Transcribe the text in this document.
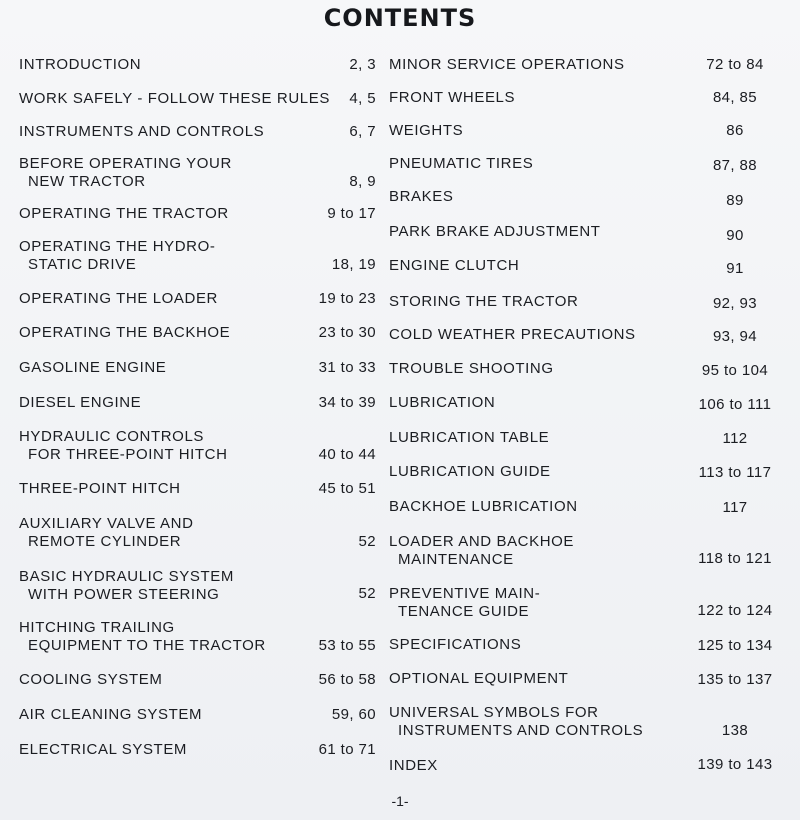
CONTENTS
INTRODUCTION	2, 3
WORK SAFELY - FOLLOW THESE RULES	4, 5
INSTRUMENTS AND CONTROLS	6, 7
BEFORE OPERATING YOUR
NEW TRACTOR	8, 9
OPERATING THE TRACTOR	9 to 17
OPERATING THE HYDRO-
STATIC DRIVE	18, 19
OPERATING THE LOADER	19 to 23
OPERATING THE BACKHOE	23 to 30
GASOLINE ENGINE	31 to 33
DIESEL ENGINE	34 to 39
HYDRAULIC CONTROLS
FOR THREE-POINT HITCH	40 to 44
THREE-POINT HITCH	45 to 51
AUXILIARY VALVE AND
REMOTE CYLINDER	52
BASIC HYDRAULIC SYSTEM
WITH POWER STEERING	52
HITCHING TRAILING
EQUIPMENT TO THE TRACTOR	53 to 55
COOLING SYSTEM	56 to 58
AIR CLEANING SYSTEM	59, 60
ELECTRICAL SYSTEM	61 to 71
MINOR SERVICE OPERATIONS	72 to 84
FRONT WHEELS	84, 85
WEIGHTS	86
PNEUMATIC TIRES	87, 88
BRAKES	89
PARK BRAKE ADJUSTMENT	90
ENGINE CLUTCH	91
STORING THE TRACTOR	92, 93
COLD WEATHER PRECAUTIONS	93, 94
TROUBLE SHOOTING	95 to 104
LUBRICATION	106 to 111
LUBRICATION TABLE	112
LUBRICATION GUIDE	113 to 117
BACKHOE LUBRICATION	117
LOADER AND BACKHOE
MAINTENANCE	118 to 121
PREVENTIVE MAIN-
TENANCE GUIDE	122 to 124
SPECIFICATIONS	125 to 134
OPTIONAL EQUIPMENT	135 to 137
UNIVERSAL SYMBOLS FOR
INSTRUMENTS AND CONTROLS	138
INDEX	139 to 143
-1-
